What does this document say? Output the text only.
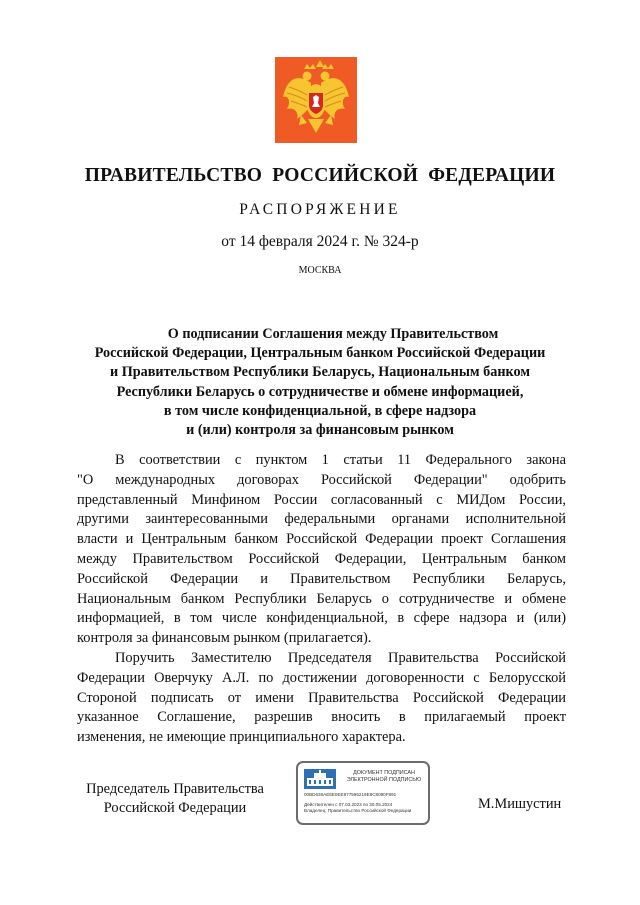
ПРАВИТЕЛЬСТВО  РОССИЙСКОЙ  ФЕДЕРАЦИИ
РАСПОРЯЖЕНИЕ
от 14 февраля 2024 г. № 324-р
МОСКВА
О подписании Соглашения между Правительством
Российской Федерации, Центральным банком Российской Федерации
и Правительством Республики Беларусь, Национальным банком
Республики Беларусь о сотрудничестве и обмене информацией,
в том числе конфиденциальной, в сфере надзора
и (или) контроля за финансовым рынком
В соответствии с пунктом 1 статьи 11 Федерального закона
"О международных договорах Российской Федерации" одобрить
представленный Минфином России согласованный с МИДом России,
другими заинтересованными федеральными органами исполнительной
власти и Центральным банком Российской Федерации проект Соглашения
между Правительством Российской Федерации, Центральным банком
Российской Федерации и Правительством Республики Беларусь,
Национальным банком Республики Беларусь о сотрудничестве и обмене
информацией, в том числе конфиденциальной, в сфере надзора и (или)
контроля за финансовым рынком (прилагается).
Поручить Заместителю Председателя Правительства Российской
Федерации Оверчуку А.Л. по достижении договоренности с Белорусской
Стороной подписать от имени Правительства Российской Федерации
указанное Соглашение, разрешив вносить в прилагаемый проект
изменения, не имеющие принципиального характера.
Председатель Правительства
Российской Федерации
ДОКУМЕНТ ПОДПИСАН
ЭЛЕКТРОННОЙ ПОДПИСЬЮ
00BD636AE6E0EE977595219E8C8090F891
Действителен с 07.03.2023 по 30.05.2024
Владелец: Правительство Российской Федерации	М.Мишустин
